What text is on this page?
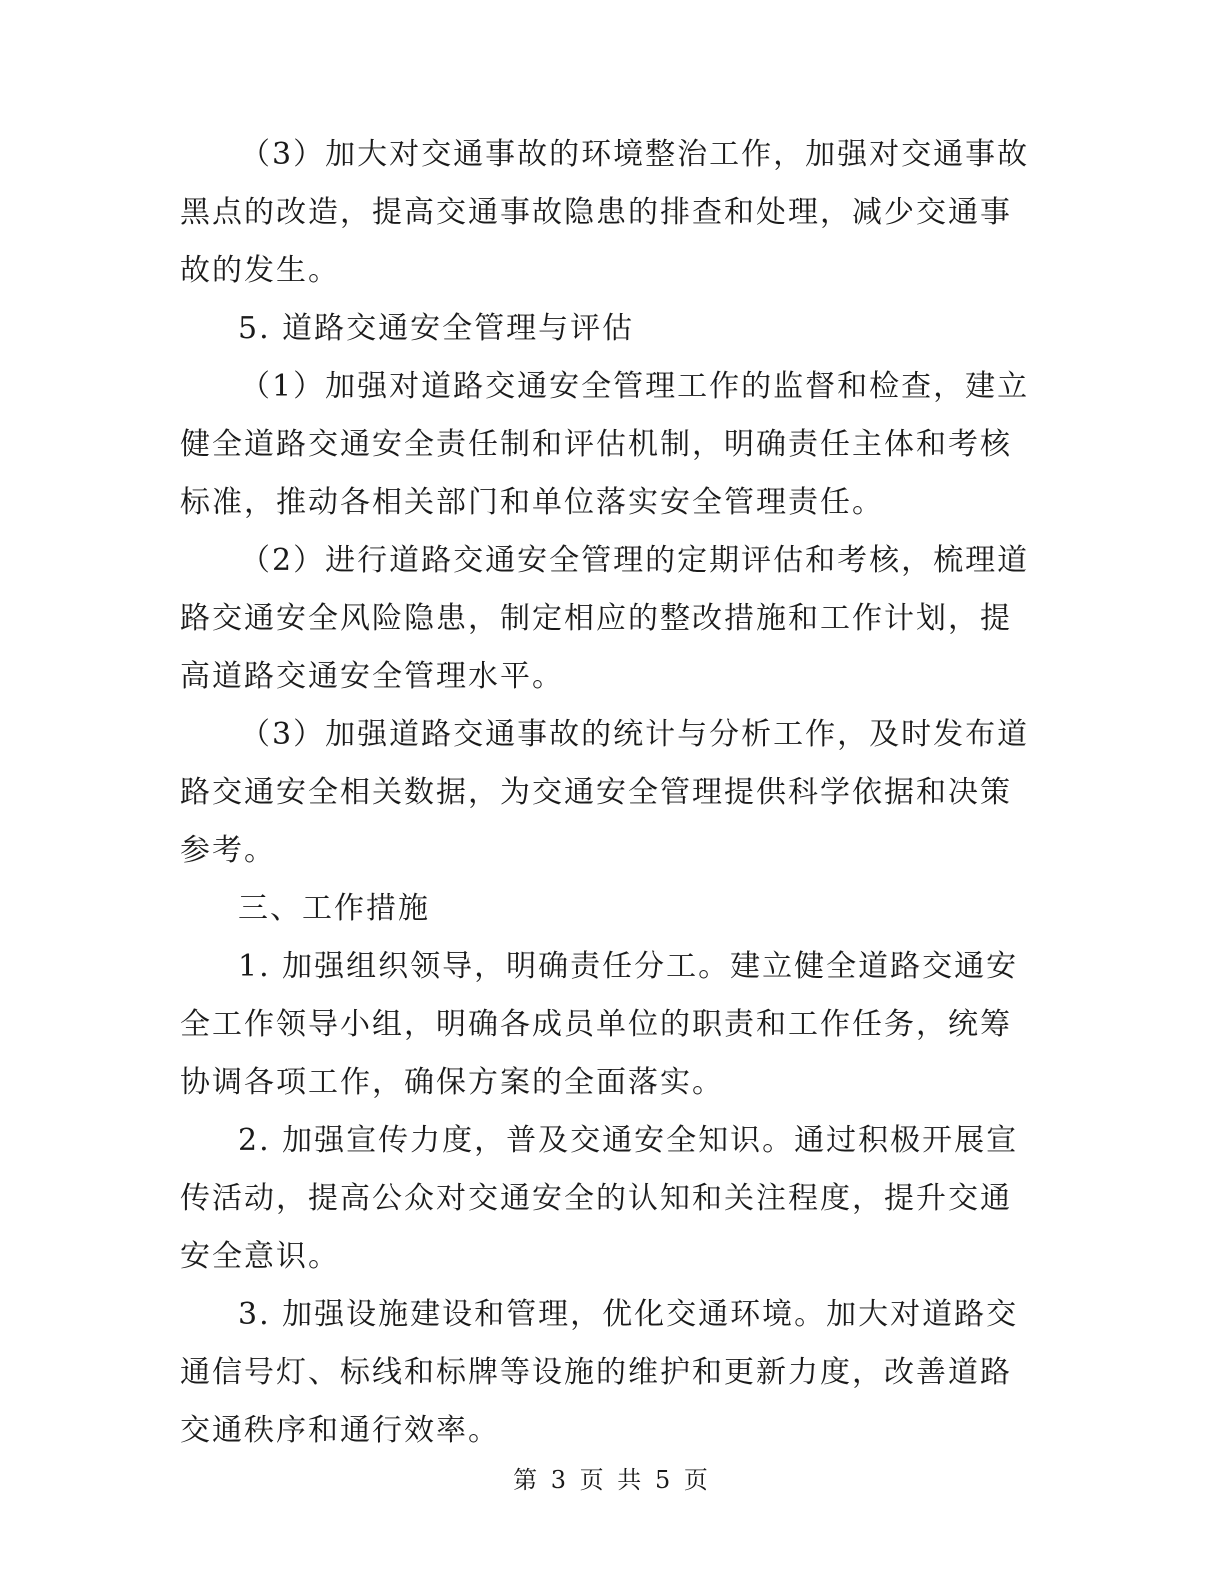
（3）加大对交通事故的环境整治工作，加强对交通事故黑点的改造，提高交通事故隐患的排查和处理，减少交通事故的发生。

5. 道路交通安全管理与评估

（1）加强对道路交通安全管理工作的监督和检查，建立健全道路交通安全责任制和评估机制，明确责任主体和考核标准，推动各相关部门和单位落实安全管理责任。

（2）进行道路交通安全管理的定期评估和考核，梳理道路交通安全风险隐患，制定相应的整改措施和工作计划，提高道路交通安全管理水平。

（3）加强道路交通事故的统计与分析工作，及时发布道路交通安全相关数据，为交通安全管理提供科学依据和决策参考。

三、工作措施

1. 加强组织领导，明确责任分工。建立健全道路交通安全工作领导小组，明确各成员单位的职责和工作任务，统筹协调各项工作，确保方案的全面落实。

2. 加强宣传力度，普及交通安全知识。通过积极开展宣传活动，提高公众对交通安全的认知和关注程度，提升交通安全意识。

3. 加强设施建设和管理，优化交通环境。加大对道路交通信号灯、标线和标牌等设施的维护和更新力度，改善道路交通秩序和通行效率。

第 3 页 共 5 页
